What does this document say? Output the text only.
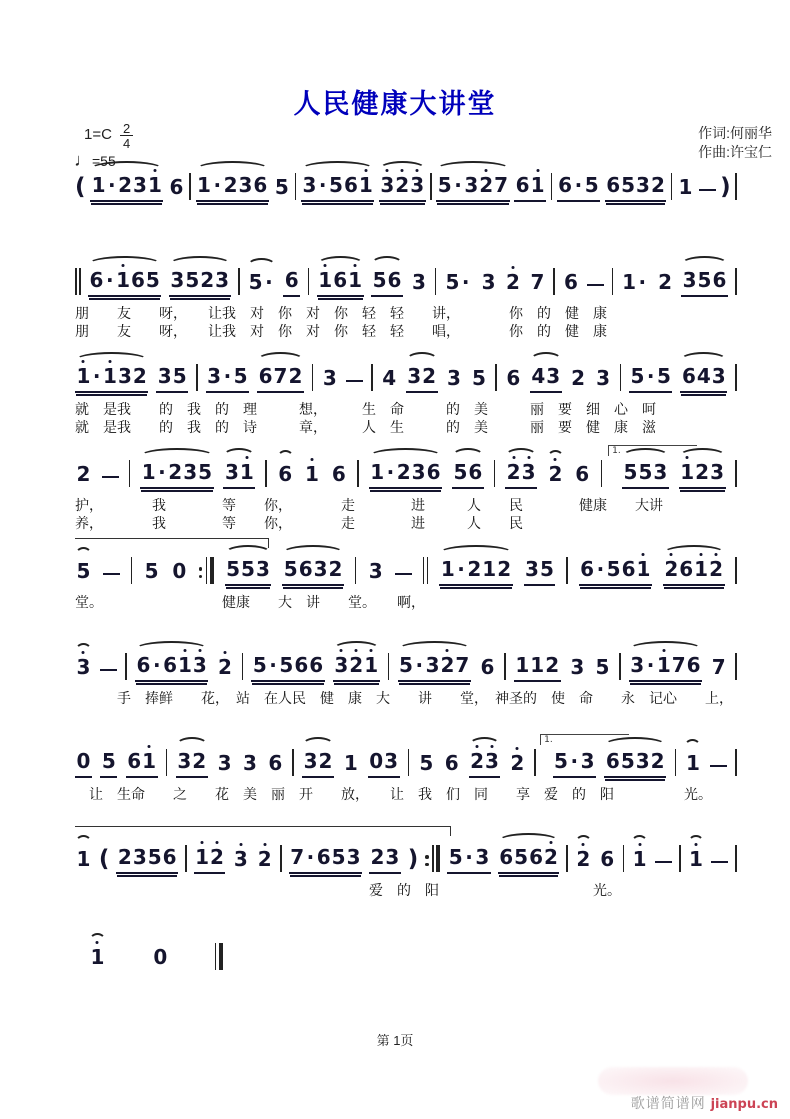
人民健康大讲堂
$1=C \frac{2}{4}$
♩=55
作词:何丽华
作曲:许宝仁
( 1 · 2 3 1 6 1 · 2 3 6 5 3 · 5 6 1 3 2 3 5 · 3 2 7 6 1 6 · 5 6 5 3 2 1 )
6 · 1 6 5 3 5 2 3 5 · 6 1 6 1 5 6 3 5 · 3 2 7 6 1 · 2 3 5 6
朋　　友　　呀，　　让我　对　你　对　你　轻　轻　　讲，　　　　你　的　健　康
朋　　友　　呀，　　让我　对　你　对　你　轻　轻　　唱，　　　　你　的　健　康
1 · 1 3 2 3 5 3 · 5 6 7 2 3 4 3 2 3 5 6 4 3 2 3 5 · 5 6 4 3
就　是我　　的　我　的　理　　　想，　　　生　命　　　的　美　　　丽　要　细　心　呵
就　是我　　的　我　的　诗　　　章，　　　人　生　　　的　美　　　丽　要　健　康　滋
2	1 · 2 3 5 3 1 6 1 6 1 · 2 3 6 5 6 2 3 2 6
1.
5 5 3 1 2 3
护，　　　　我　　　　等　　你，　　　　走　　　　进　　　人　　民　　　　健康　　大讲
养，　　　　我　　　　等　　你，　　　　走　　　　进　　　人　　民
5	5 0 5 5 3 5 6 3 2 3	1 · 2 1 2 3 5 6 · 5 6 1 2 6 1 2
堂。　　　　　　　　　健康　　大　讲　　堂。　　啊，
3 6 · 6 1 3 2 5 · 5 6 6 3 2 1 5 · 3 2 7 6 1 1 2 3 5 3 · 1 7 6 7
　　　手　捧鲜　　花，　站　在人民　健　康　大　　讲　　堂，　神圣的　使　命　　永　记心　　上，
0 5 6 1 3 2 3 3 6 3 2 1 0 3 5 6 2 3 2
1.
5 · 3 6 5 3 2 1
　让　生命　　之　　花　美　丽　开　　放，　　让　我　们　同　　享　爱　的　阳　　　　　光。
1 ( 2 3 5 6 1 2 3 2 7 · 6 5 3 2 3 ) 5 · 3 6 5 6 2 2 6 1 1
　　　　　　　　　　　　　　　　　　　　　爱　的　阳　　　　　　　　　　　光。
1 0
第 1页
歌谱简谱网 jianpu.cn
